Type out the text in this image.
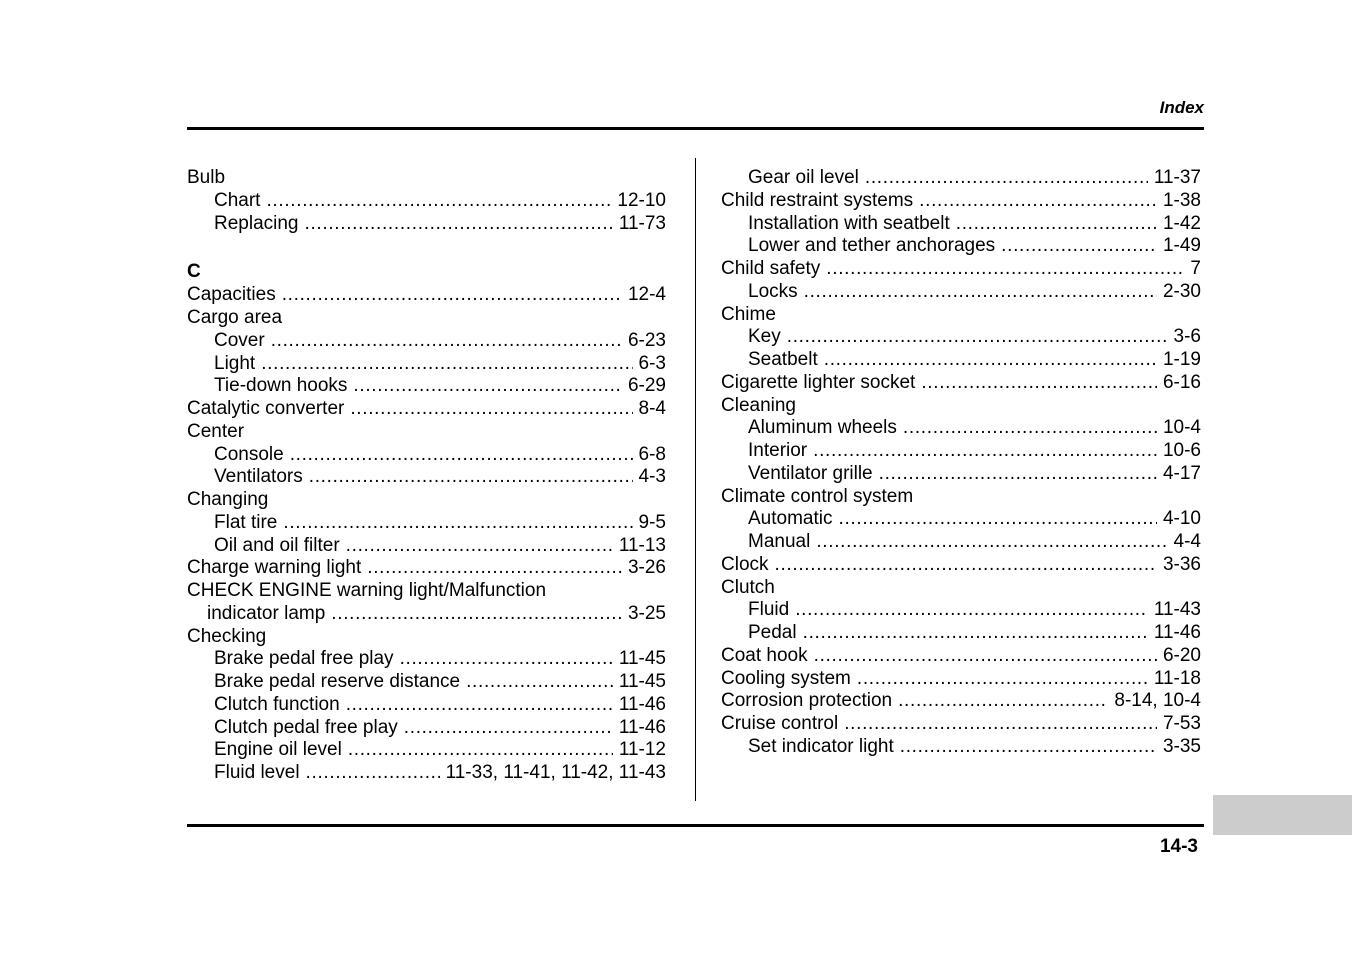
Index
Bulb
Chart . . .	12-10
Replacing . . .	11-73
C
Capacities . . .	12-4
Cargo area
Cover . . .	6-23
Light . . .	6-3
Tie-down hooks . . .	6-29
Catalytic converter . . .	8-4
Center
Console . . .	6-8
Ventilators . . .	4-3
Changing
Flat tire . . .	9-5
Oil and oil filter . . .	11-13
Charge warning light . . .	3-26
CHECK ENGINE warning light/Malfunction
indicator lamp . . .	3-25
Checking
Brake pedal free play . . .	11-45
Brake pedal reserve distance . . .	11-45
Clutch function . . .	11-46
Clutch pedal free play . . .	11-46
Engine oil level . . .	11-12
Fluid level . . .	11-33, 11-41, 11-42, 11-43
Gear oil level . . .	11-37
Child restraint systems . . .	1-38
Installation with seatbelt . . .	1-42
Lower and tether anchorages . . .	1-49
Child safety . . .	7
Locks . . .	2-30
Chime
Key . . .	3-6
Seatbelt . . .	1-19
Cigarette lighter socket . . .	6-16
Cleaning
Aluminum wheels . . .	10-4
Interior . . .	10-6
Ventilator grille . . .	4-17
Climate control system
Automatic . . .	4-10
Manual . . .	4-4
Clock . . .	3-36
Clutch
Fluid . . .	11-43
Pedal . . .	11-46
Coat hook . . .	6-20
Cooling system . . .	11-18
Corrosion protection . . .	8-14, 10-4
Cruise control . . .	7-53
Set indicator light . . .	3-35
14-3
